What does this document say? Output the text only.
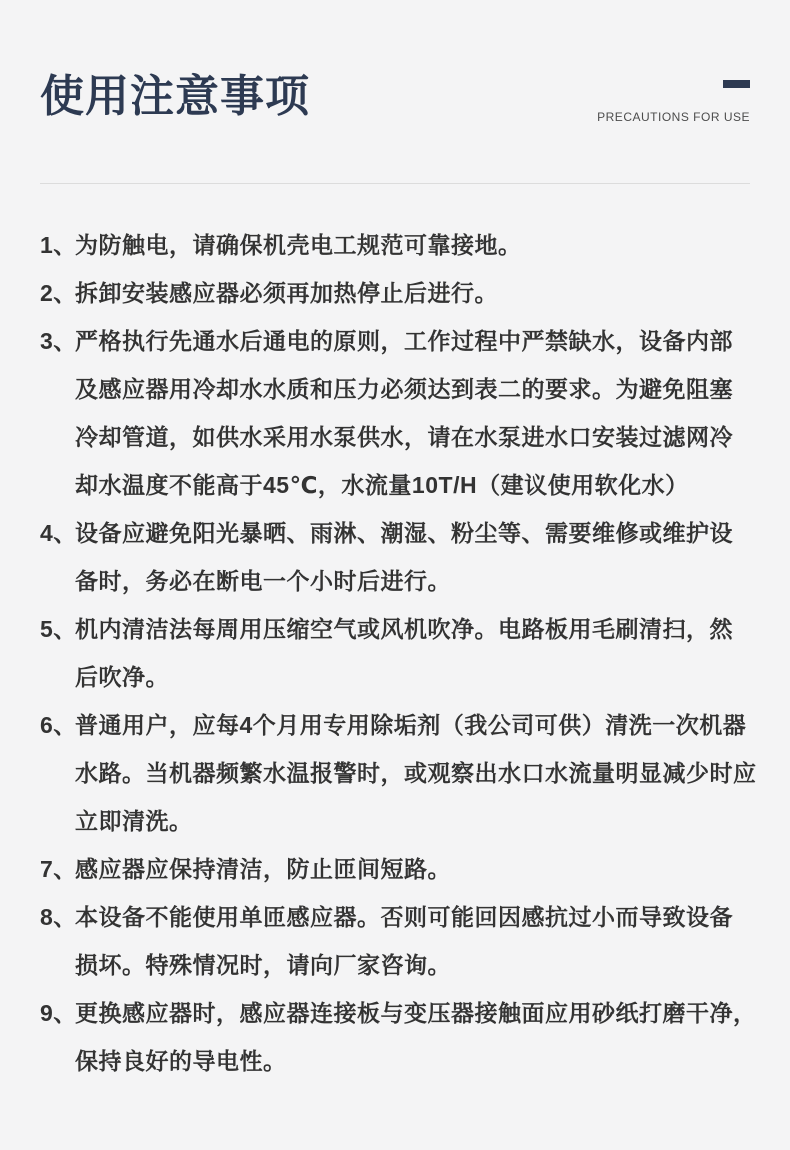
使用注意事项	PRECAUTIONS FOR USE
1、为防触电，请确保机壳电工规范可靠接地。
2、拆卸安装感应器必须再加热停止后进行。
3、严格执行先通水后通电的原则，工作过程中严禁缺水，设备内部
及感应器用冷却水水质和压力必须达到表二的要求。为避免阻塞
冷却管道，如供水采用水泵供水，请在水泵进水口安装过滤网冷
却水温度不能高于45℃，水流量10T/H（建议使用软化水）
4、设备应避免阳光暴晒、雨淋、潮湿、粉尘等、需要维修或维护设
备时，务必在断电一个小时后进行。
5、机内清洁法每周用压缩空气或风机吹净。电路板用毛刷清扫，然
后吹净。
6、普通用户，应每4个月用专用除垢剂（我公司可供）清洗一次机器
水路。当机器频繁水温报警时，或观察出水口水流量明显减少时应
立即清洗。
7、感应器应保持清洁，防止匝间短路。
8、本设备不能使用单匝感应器。否则可能回因感抗过小而导致设备
损坏。特殊情况时，请向厂家咨询。
9、更换感应器时，感应器连接板与变压器接触面应用砂纸打磨干净，
保持良好的导电性。
